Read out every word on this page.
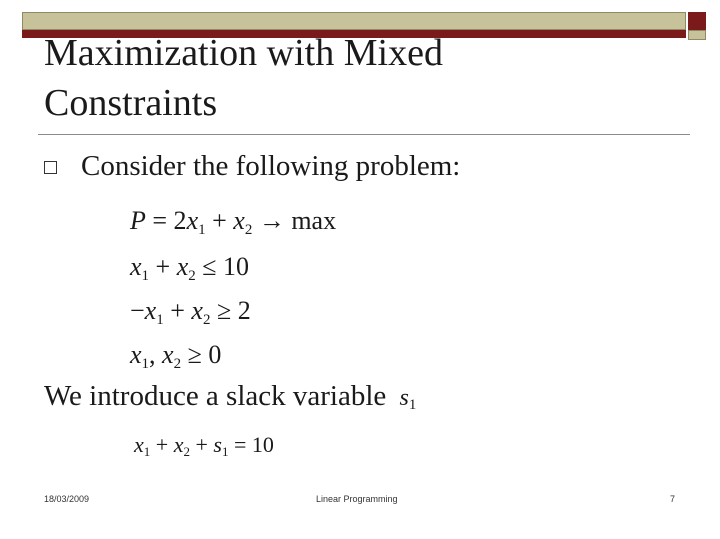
Maximization with Mixed
Constraints
Consider the following problem:
$P = 2x_1 + x_2 \to \max$
$x_1 + x_2 \le 10$
$-x_1 + x_2 \ge 2$
$x_1$, $x_2 \ge 0$
We introduce a slack variable $s_1$
$x_1 + x_2 + s_1 = 10$
18/03/2009	Linear Programming	7
